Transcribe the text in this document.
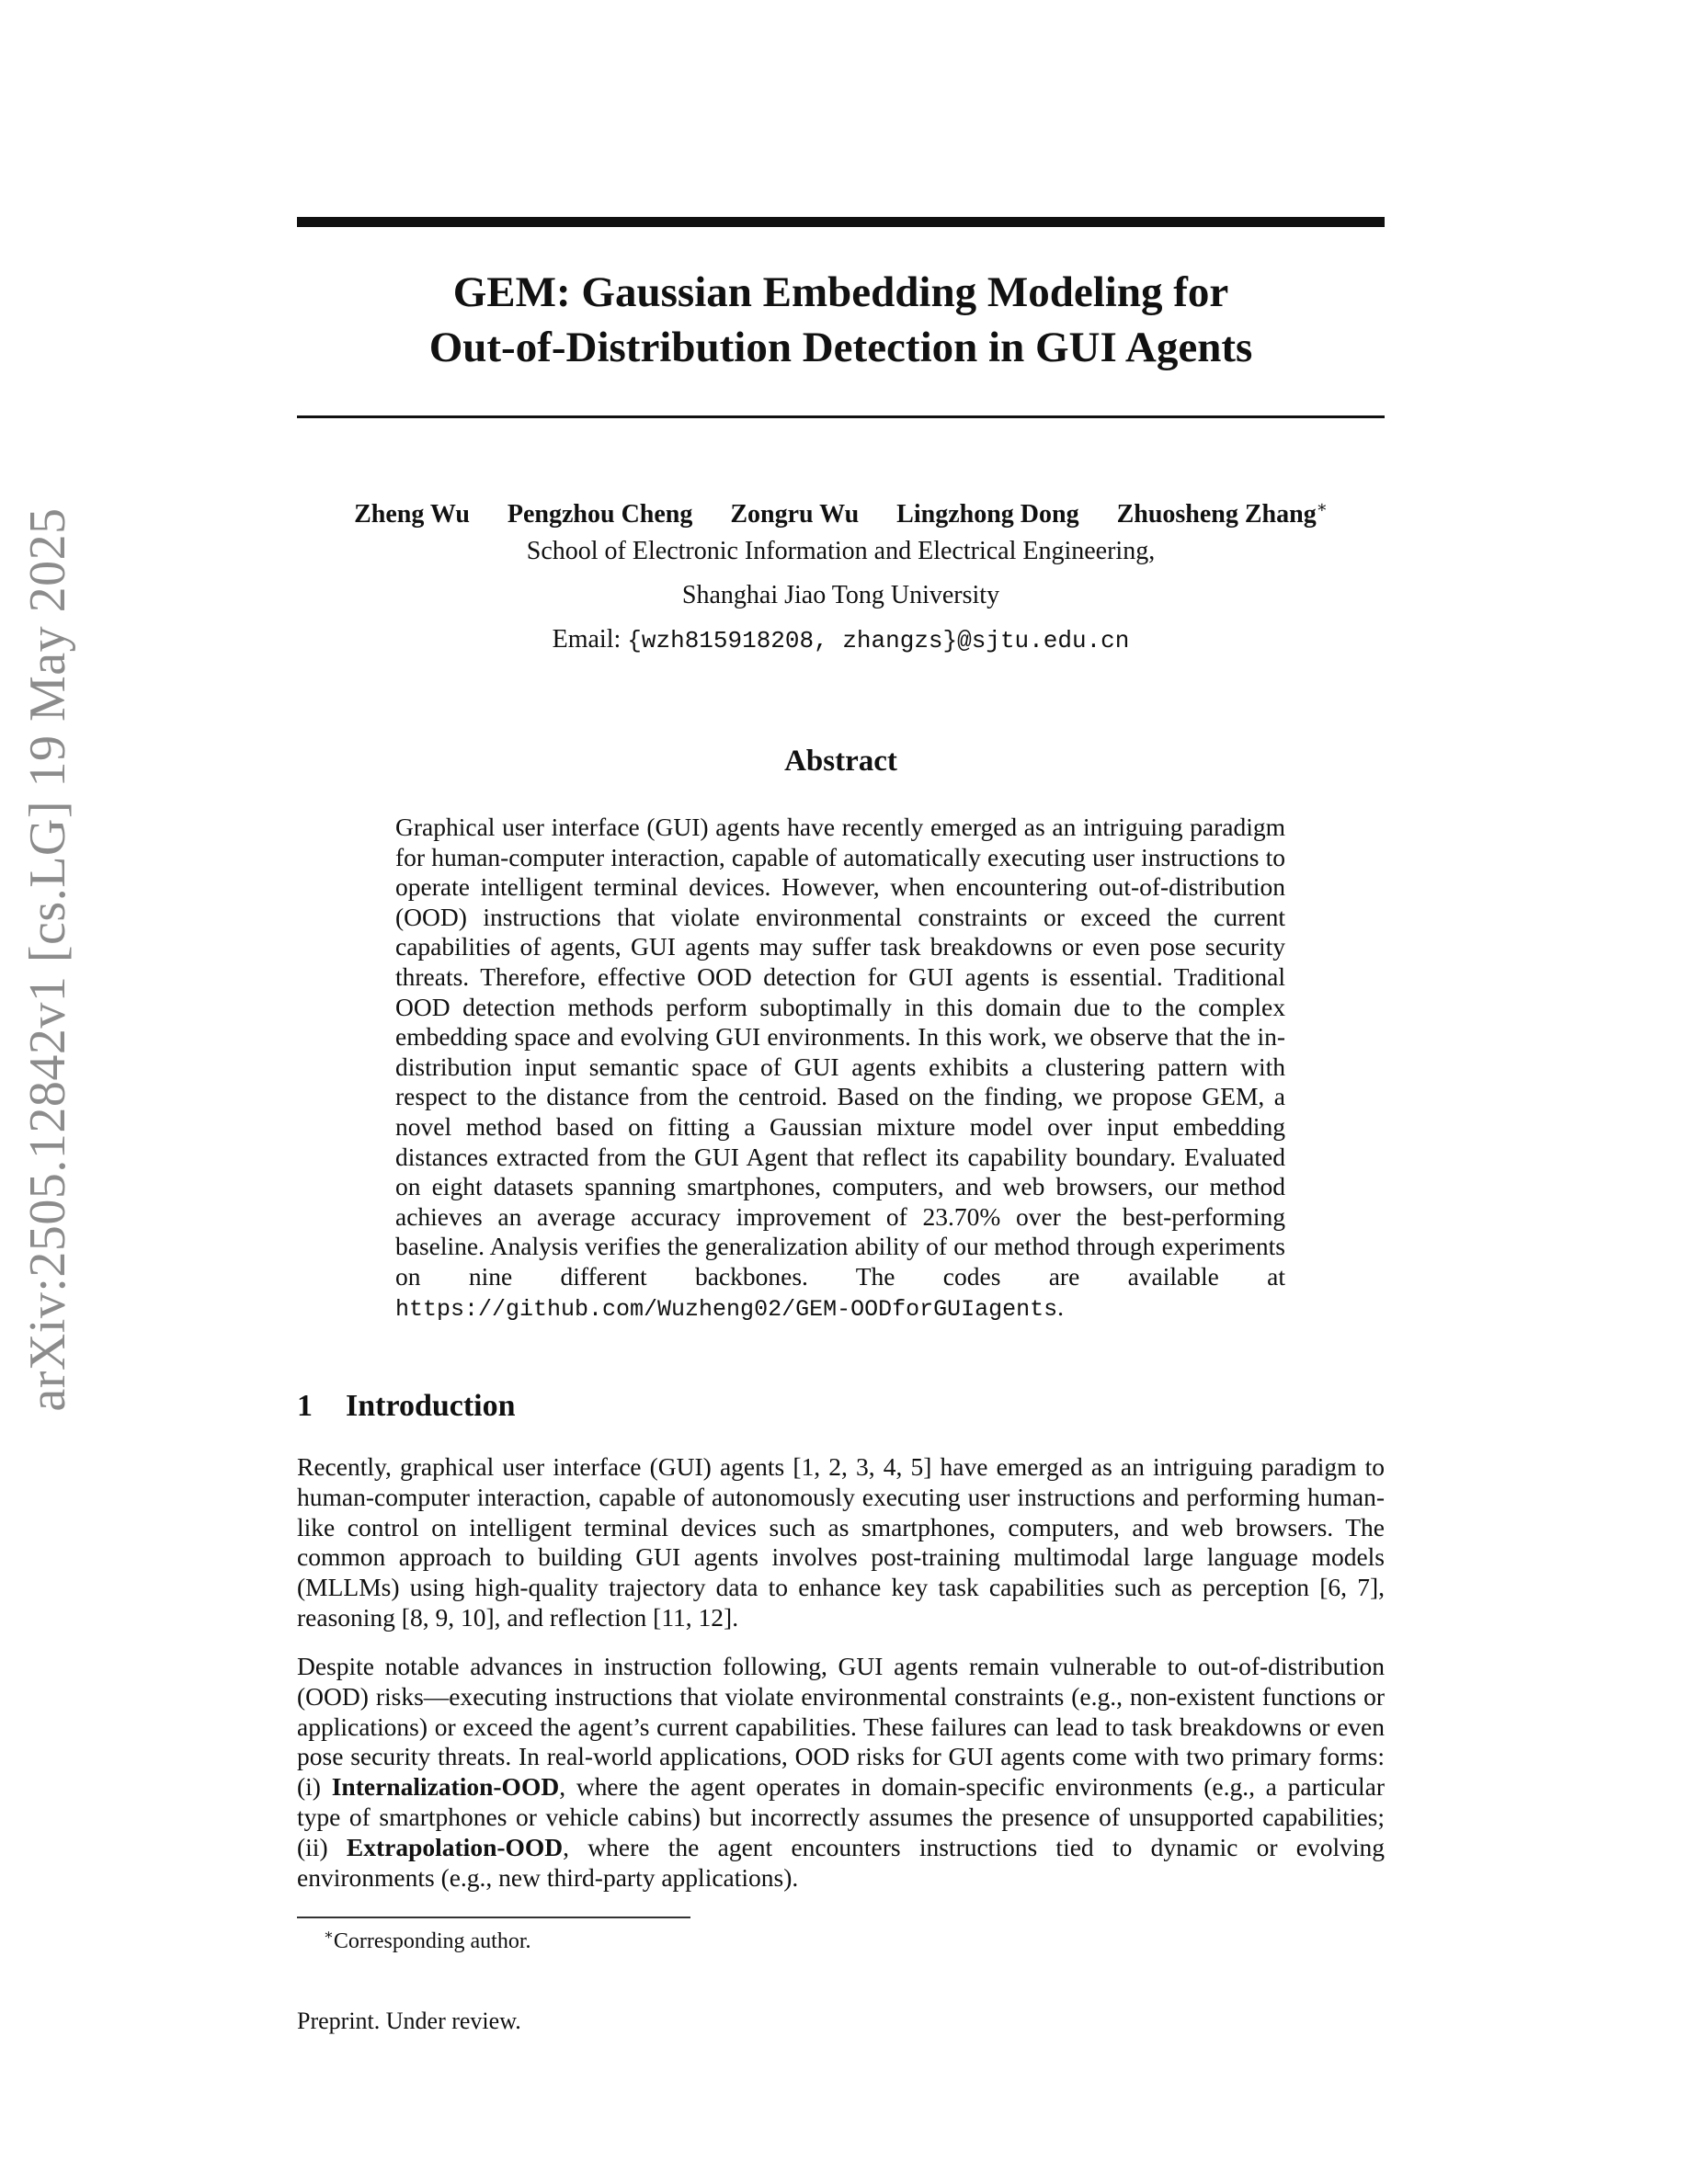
arXiv:2505.12842v1 [cs.LG] 19 May 2025
GEM: Gaussian Embedding Modeling for
Out-of-Distribution Detection in GUI Agents
Zheng Wu Pengzhou Cheng Zongru Wu Lingzhong Dong Zhuosheng Zhang∗
School of Electronic Information and Electrical Engineering,
Shanghai Jiao Tong University
Email: {wzh815918208, zhangzs}@sjtu.edu.cn
Abstract

Graphical user interface (GUI) agents have recently emerged as an intriguing paradigm for human-computer interaction, capable of automatically executing user instructions to operate intelligent terminal devices. However, when encountering out-of-distribution (OOD) instructions that violate environmental constraints or exceed the current capabilities of agents, GUI agents may suffer task breakdowns or even pose security threats. Therefore, effective OOD detection for GUI agents is essential. Traditional OOD detection methods perform suboptimally in this domain due to the complex embedding space and evolving GUI environments. In this work, we observe that the in-distribution input semantic space of GUI agents exhibits a clustering pattern with respect to the distance from the centroid. Based on the finding, we propose GEM, a novel method based on fitting a Gaussian mixture model over input embedding distances extracted from the GUI Agent that reflect its capability boundary. Evaluated on eight datasets spanning smartphones, computers, and web browsers, our method achieves an average accuracy improvement of 23.70% over the best-performing baseline. Analysis verifies the generalization ability of our method through experiments on nine different backbones. The codes are available at https://github.com/Wuzheng02/GEM-OODforGUIagents.

1 Introduction

Recently, graphical user interface (GUI) agents [1, 2, 3, 4, 5] have emerged as an intriguing paradigm to human-computer interaction, capable of autonomously executing user instructions and performing human-like control on intelligent terminal devices such as smartphones, computers, and web browsers. The common approach to building GUI agents involves post-training multimodal large language models (MLLMs) using high-quality trajectory data to enhance key task capabilities such as perception [6, 7], reasoning [8, 9, 10], and reflection [11, 12].

Despite notable advances in instruction following, GUI agents remain vulnerable to out-of-distribution (OOD) risks—executing instructions that violate environmental constraints (e.g., non-existent functions or applications) or exceed the agent’s current capabilities. These failures can lead to task breakdowns or even pose security threats. In real-world applications, OOD risks for GUI agents come with two primary forms: (i) Internalization-OOD, where the agent operates in domain-specific environments (e.g., a particular type of smartphones or vehicle cabins) but incorrectly assumes the presence of unsupported capabilities; (ii) Extrapolation-OOD, where the agent encounters instructions tied to dynamic or evolving environments (e.g., new third-party applications).

∗Corresponding author.
Preprint. Under review.
